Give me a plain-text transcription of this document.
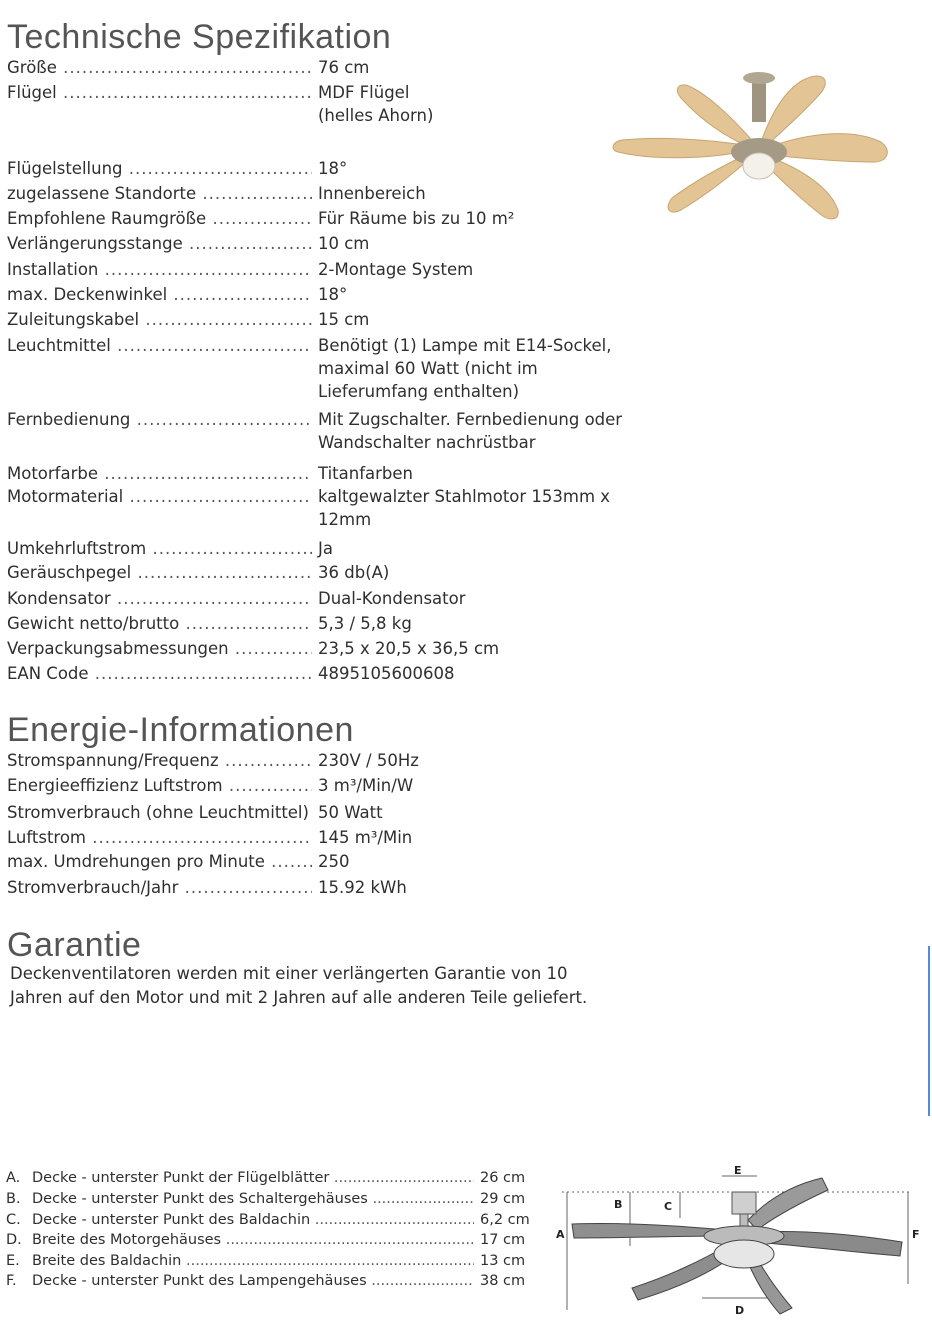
Technische Spezifikation
Größe .....	76 cm
Flügel .....	MDF Flügel (helles Ahorn)
Flügelstellung .....	18°
zugelassene Standorte .....	Innenbereich
Empfohlene Raumgröße .....	Für Räume bis zu 10 m²
Verlängerungsstange .....	10 cm
Installation .....	2-Montage System
max. Deckenwinkel .....	18°
Zuleitungskabel .....	15 cm
Leuchtmittel .....	Benötigt (1) Lampe mit E14-Sockel, maximal 60 Watt (nicht im Lieferumfang enthalten)
Fernbedienung .....	Mit Zugschalter. Fernbedienung oder Wandschalter nachrüstbar
Motorfarbe .....	Titanfarben
Motormaterial .....	kaltgewalzter Stahlmotor 153mm x 12mm
Umkehrluftstrom .....	Ja
Geräuschpegel .....	36 db(A)
Kondensator .....	Dual-Kondensator
Gewicht netto/brutto .....	5,3 / 5,8 kg
Verpackungsabmessungen .....	23,5 x 20,5 x 36,5 cm
EAN Code .....	4895105600608
Energie-Informationen
Stromspannung/Frequenz .....	230V / 50Hz
Energieeffizienz Luftstrom .....	3 m³/Min/W
Stromverbrauch (ohne Leuchtmittel) ..... 50 Watt
Luftstrom .....	145 m³/Min
max. Umdrehungen pro Minute .....	250
Stromverbrauch/Jahr .....	15.92 kWh
Garantie
Deckenventilatoren werden mit einer verlängerten Garantie von 10 Jahren auf den Motor und mit 2 Jahren auf alle anderen Teile geliefert.
A. Decke - unterster Punkt der Flügelblätter .....	26 cm
B. Decke - unterster Punkt des Schaltergehäuses .....	29 cm
C. Decke - unterster Punkt des Baldachin .....	6,2 cm
D. Breite des Motorgehäuses .....	17 cm
E. Breite des Baldachin .....	13 cm
F.	Decke - unterster Punkt des Lampengehäuses .....	38 cm
A
B	C
D
E
F
